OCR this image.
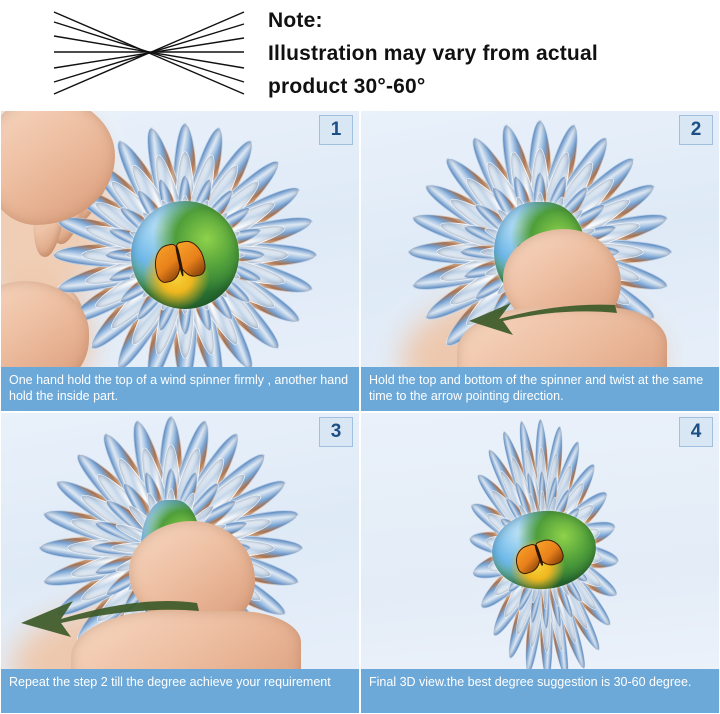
Note:
Illustration may vary from actual
product 30°-60°
1
One hand hold the top of a wind spinner firmly , another hand hold the inside part.
2
Hold the top and bottom of the spinner and twist at the same time to the arrow pointing direction.
3
Repeat the step 2 till the degree achieve your requirement
4
Final 3D view.the best degree suggestion is 30-60 degree.
